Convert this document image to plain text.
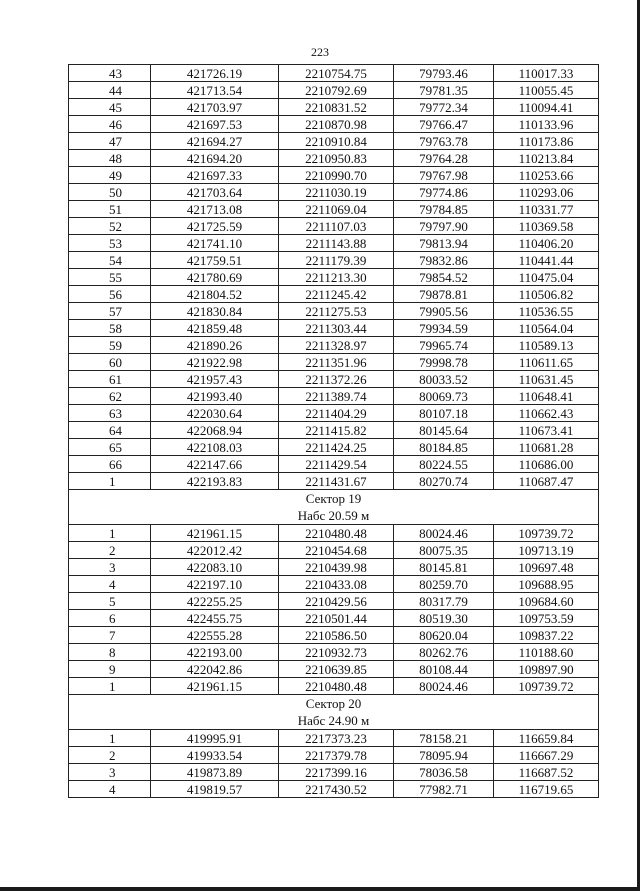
223
43	421726.19	2210754.75	79793.46	110017.33
44	421713.54	2210792.69	79781.35	110055.45
45	421703.97	2210831.52	79772.34	110094.41
46	421697.53	2210870.98	79766.47	110133.96
47	421694.27	2210910.84	79763.78	110173.86
48	421694.20	2210950.83	79764.28	110213.84
49	421697.33	2210990.70	79767.98	110253.66
50	421703.64	2211030.19	79774.86	110293.06
51	421713.08	2211069.04	79784.85	110331.77
52	421725.59	2211107.03	79797.90	110369.58
53	421741.10	2211143.88	79813.94	110406.20
54	421759.51	2211179.39	79832.86	110441.44
55	421780.69	2211213.30	79854.52	110475.04
56	421804.52	2211245.42	79878.81	110506.82
57	421830.84	2211275.53	79905.56	110536.55
58	421859.48	2211303.44	79934.59	110564.04
59	421890.26	2211328.97	79965.74	110589.13
60	421922.98	2211351.96	79998.78	110611.65
61	421957.43	2211372.26	80033.52	110631.45
62	421993.40	2211389.74	80069.73	110648.41
63	422030.64	2211404.29	80107.18	110662.43
64	422068.94	2211415.82	80145.64	110673.41
65	422108.03	2211424.25	80184.85	110681.28
66	422147.66	2211429.54	80224.55	110686.00
1	422193.83	2211431.67	80270.74	110687.47
Сектор 19				
Набс 20.59 м				
1	421961.15	2210480.48	80024.46	109739.72
2	422012.42	2210454.68	80075.35	109713.19
3	422083.10	2210439.98	80145.81	109697.48
4	422197.10	2210433.08	80259.70	109688.95
5	422255.25	2210429.56	80317.79	109684.60
6	422455.75	2210501.44	80519.30	109753.59
7	422555.28	2210586.50	80620.04	109837.22
8	422193.00	2210932.73	80262.76	110188.60
9	422042.86	2210639.85	80108.44	109897.90
1	421961.15	2210480.48	80024.46	109739.72
Сектор 20				
Набс 24.90 м				
1	419995.91	2217373.23	78158.21	116659.84
2	419933.54	2217379.78	78095.94	116667.29
3	419873.89	2217399.16	78036.58	116687.52
4	419819.57	2217430.52	77982.71	116719.65
